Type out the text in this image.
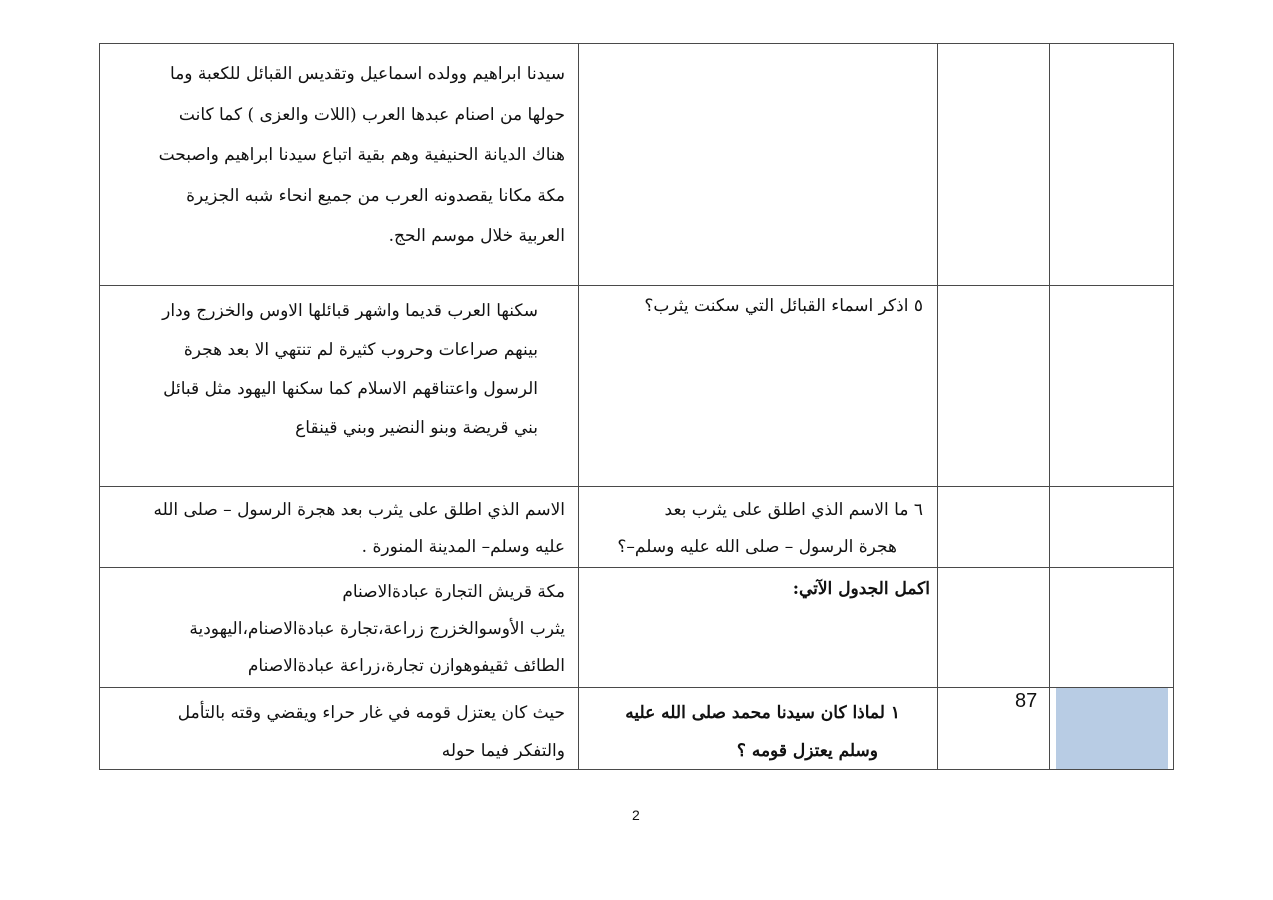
سيدنا ابراهيم وولده اسماعيل وتقديس القبائل للكعبة وما
حولها من اصنام عبدها العرب (اللات والعزى ) كما كانت
هناك الديانة الحنيفية وهم بقية اتباع سيدنا ابراهيم واصبحت
مكة مكانا يقصدونه العرب من جميع انحاء شبه الجزيرة
العربية خلال موسم الحج.
٥ اذكر اسماء القبائل التي سكنت يثرب؟
سكنها العرب قديما واشهر قبائلها الاوس والخزرج ودار
بينهم صراعات وحروب كثيرة لم تنتهي الا بعد هجرة
الرسول واعتناقهم الاسلام كما سكنها اليهود مثل قبائل
بني قريضة وبنو النضير وبني قينقاع
٦ ما الاسم الذي اطلق على يثرب بعد
هجرة الرسول – صلى الله عليه وسلم–؟
الاسم الذي اطلق على يثرب بعد هجرة الرسول – صلى الله
عليه وسلم– المدينة المنورة .
اكمل الجدول الآتي:
مكة قريش التجارة عبادةالاصنام
يثرب الأوسوالخزرج زراعة،تجارة عبادةالاصنام،اليهودية
الطائف ثقيفوهوازن تجارة،زراعة عبادةالاصنام
87
١ لماذا كان سيدنا محمد صلى الله عليه
وسلم يعتزل قومه ؟
حيث كان يعتزل قومه في غار حراء ويقضي وقته بالتأمل
والتفكر فيما حوله
2
